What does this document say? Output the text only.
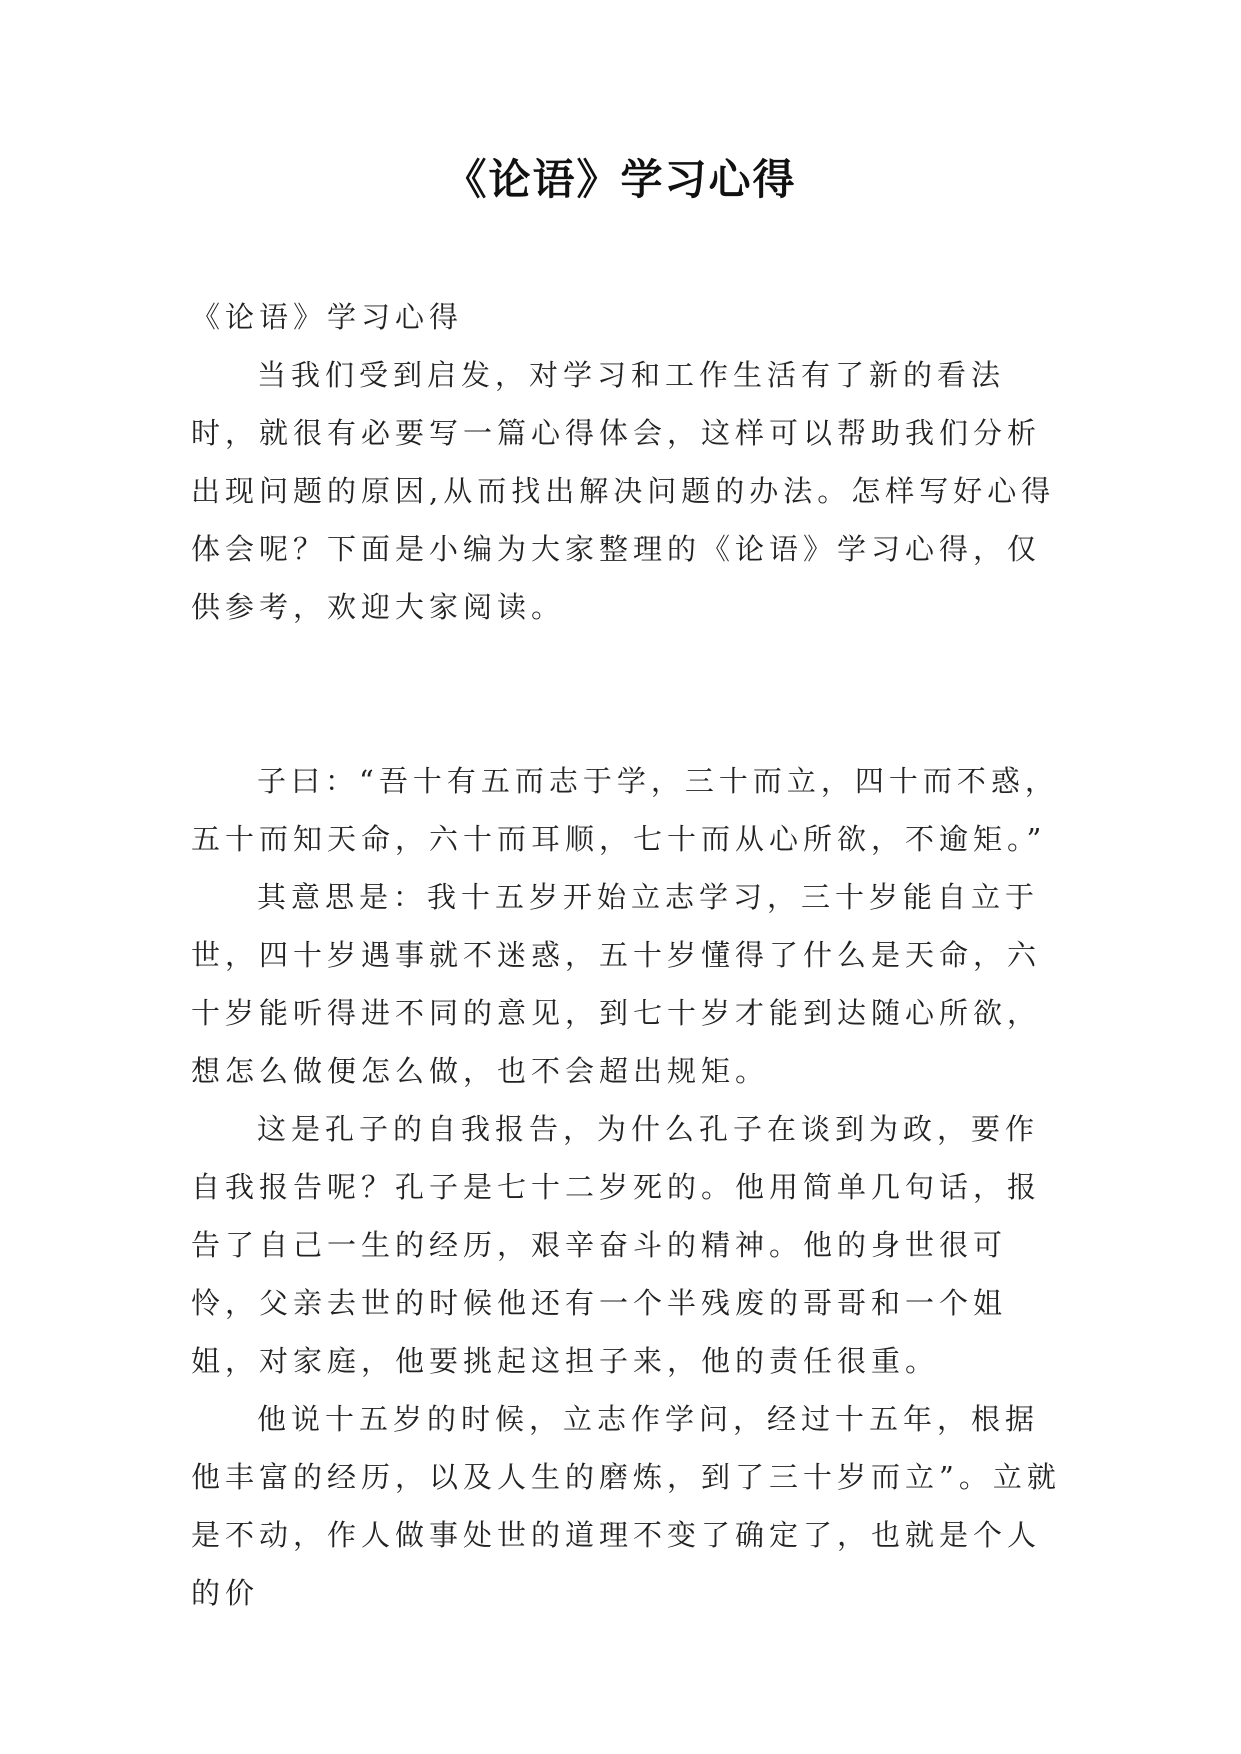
《论语》学习心得

《论语》学习心得

当我们受到启发，对学习和工作生活有了新的看法时，就很有必要写一篇心得体会，这样可以帮助我们分析出现问题的原因,从而找出解决问题的办法。怎样写好心得体会呢？下面是小编为大家整理的《论语》学习心得，仅供参考，欢迎大家阅读。

子曰：“吾十有五而志于学，三十而立，四十而不惑，五十而知天命，六十而耳顺，七十而从心所欲，不逾矩。”

其意思是：我十五岁开始立志学习，三十岁能自立于世，四十岁遇事就不迷惑，五十岁懂得了什么是天命，六十岁能听得进不同的意见，到七十岁才能到达随心所欲，想怎么做便怎么做，也不会超出规矩。

这是孔子的自我报告，为什么孔子在谈到为政，要作自我报告呢？孔子是七十二岁死的。他用简单几句话，报告了自己一生的经历，艰辛奋斗的精神。他的身世很可怜，父亲去世的时候他还有一个半残废的哥哥和一个姐姐，对家庭，他要挑起这担子来，他的责任很重。

他说十五岁的时候，立志作学问，经过十五年，根据他丰富的经历，以及人生的磨炼，到了三十岁而立”。立就是不动，作人做事处世的道理不变了确定了，也就是个人的价
